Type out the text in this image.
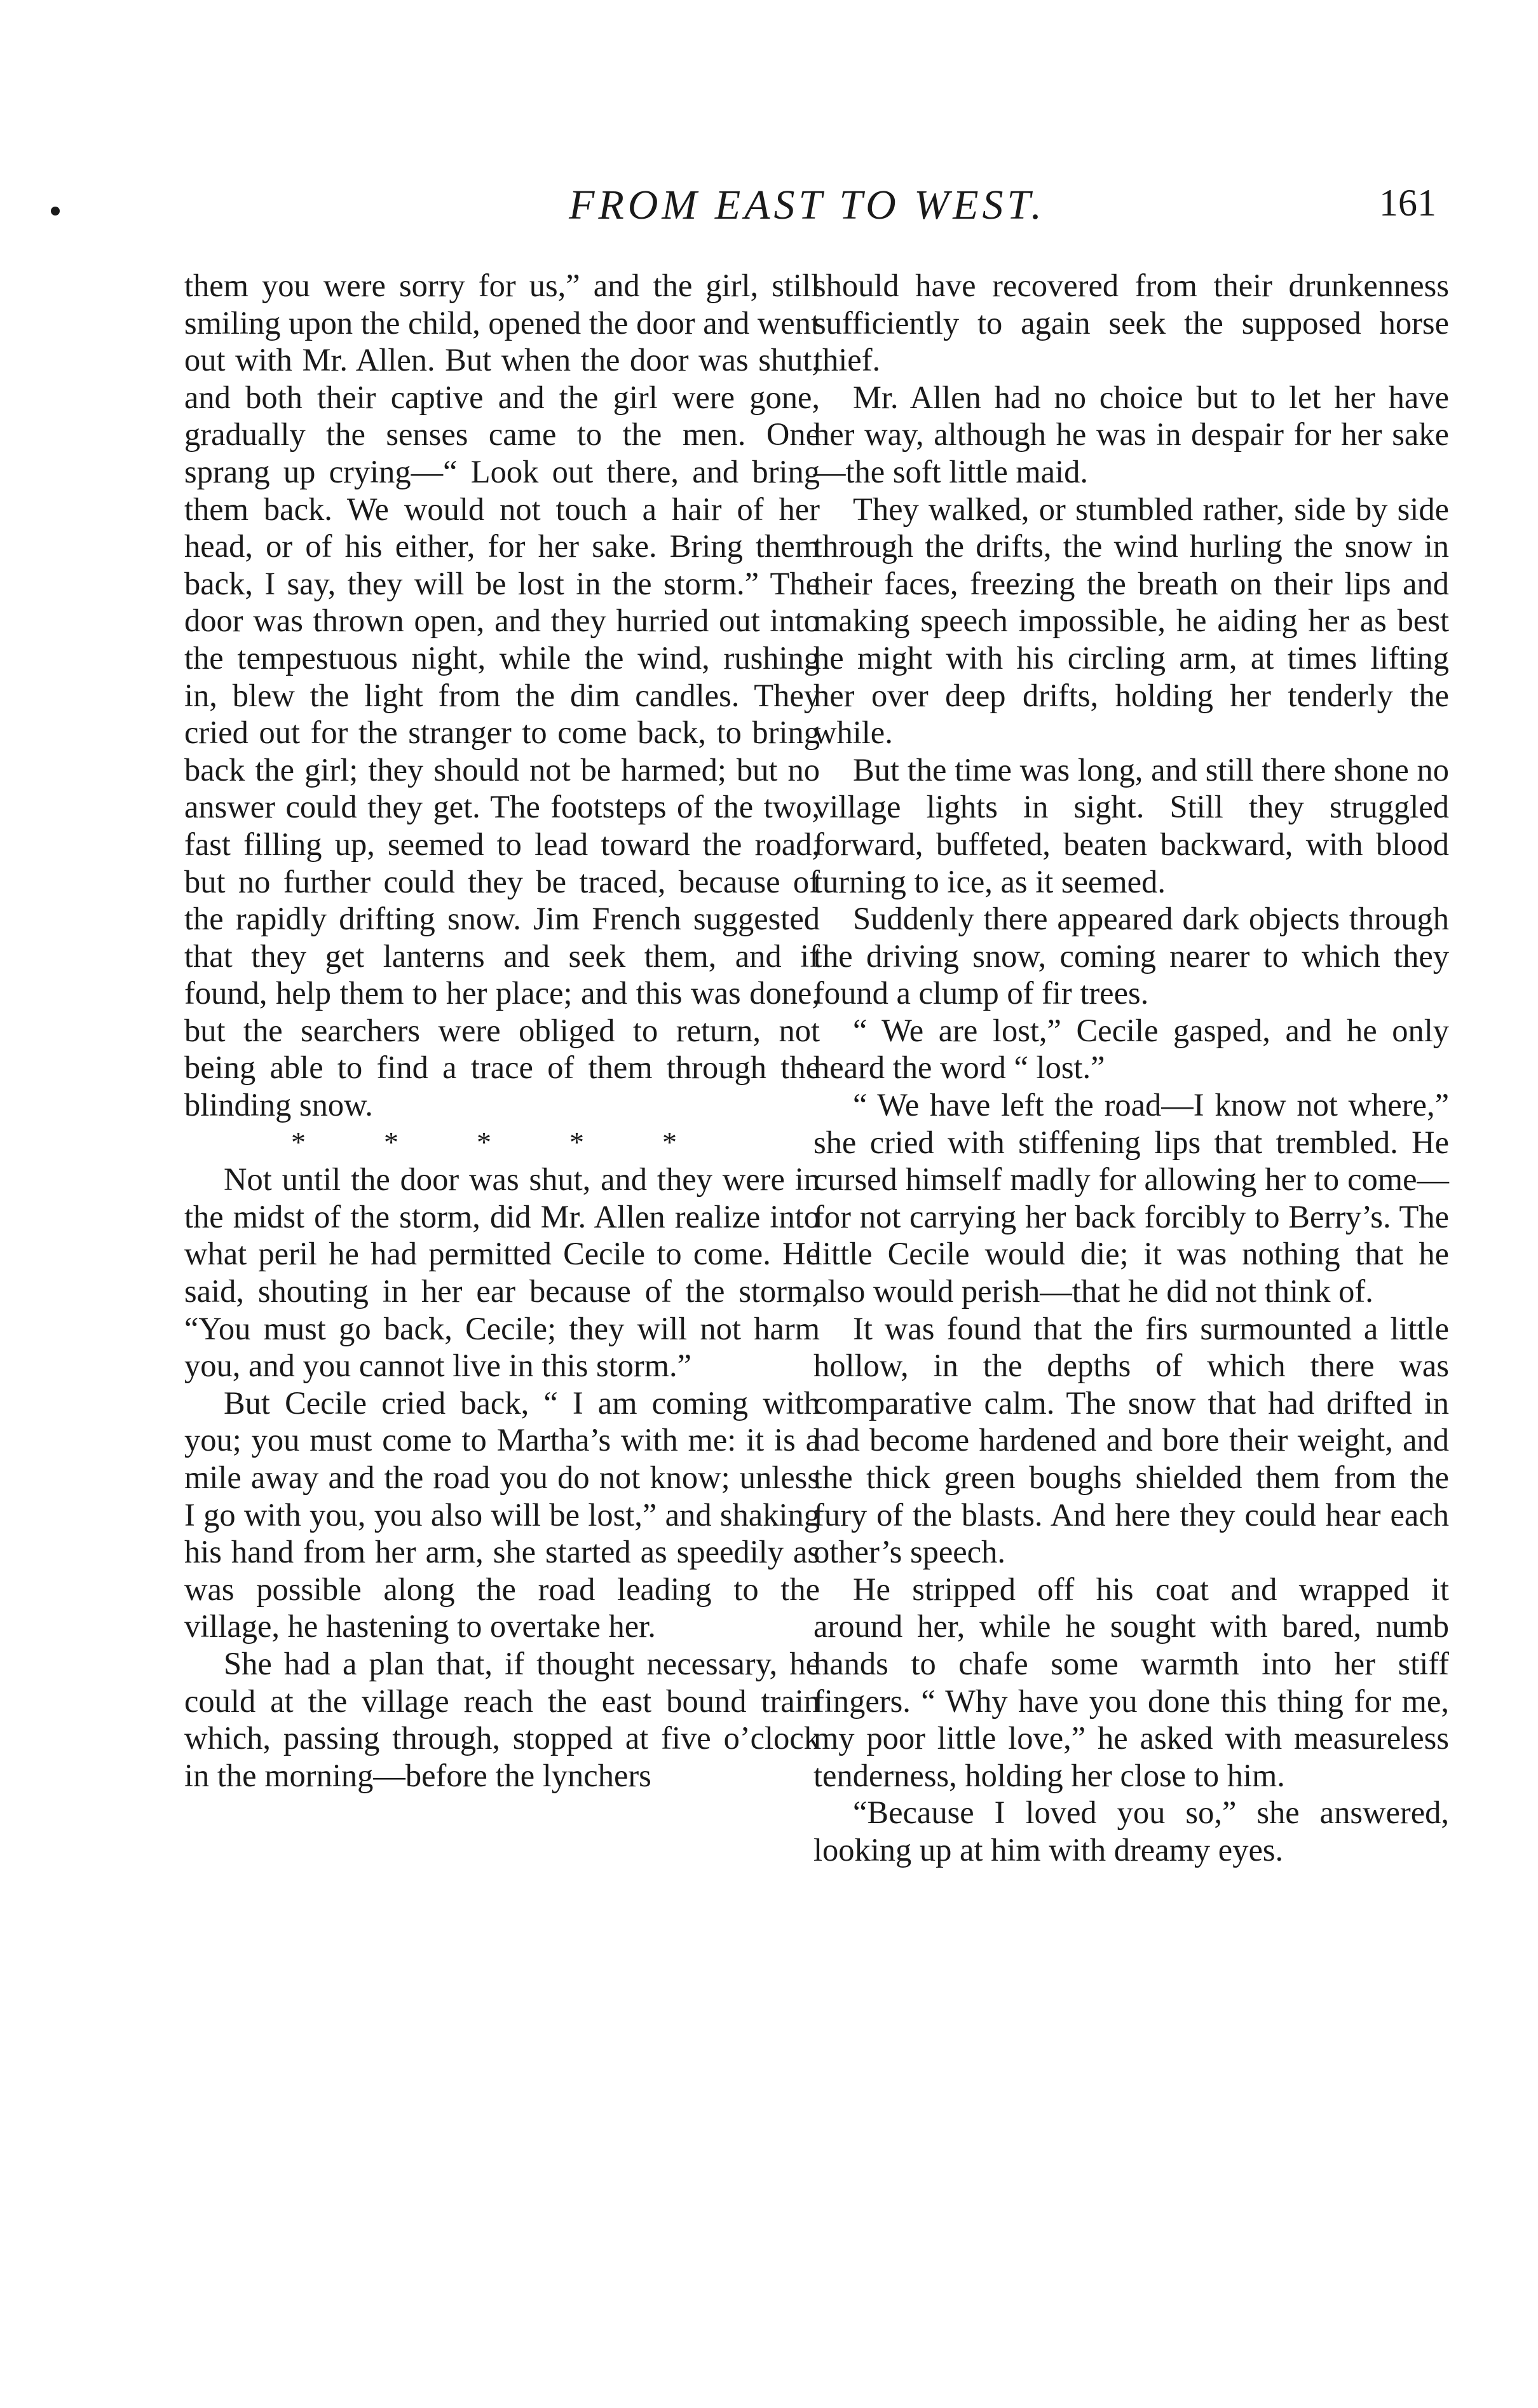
FROM EAST TO WEST.	161

them you were sorry for us,” and the girl, still smiling upon the child, opened the door and went out with Mr. Allen. But when the door was shut, and both their captive and the girl were gone, gradually the senses came to the men. One sprang up crying—“ Look out there, and bring them back. We would not touch a hair of her head, or of his either, for her sake. Bring them back, I say, they will be lost in the storm.” The door was thrown open, and they hurried out into the tempestuous night, while the wind, rushing in, blew the light from the dim candles. They cried out for the stranger to come back, to bring back the girl; they should not be harmed; but no answer could they get. The footsteps of the two, fast filling up, seemed to lead toward the road, but no further could they be traced, because of the rapidly drifting snow. Jim French suggested that they get lanterns and seek them, and if found, help them to her place; and this was done, but the searchers were obliged to return, not being able to find a trace of them through the blinding snow.

*	*	*	*	*

Not until the door was shut, and they were in the midst of the storm, did Mr. Allen realize into what peril he had permitted Cecile to come. He said, shouting in her ear because of the storm, “You must go back, Cecile; they will not harm you, and you cannot live in this storm.”

But Cecile cried back, “ I am coming with you; you must come to Martha’s with me: it is a mile away and the road you do not know; unless I go with you, you also will be lost,” and shaking his hand from her arm, she started as speedily as was possible along the road leading to the village, he hastening to overtake her.

She had a plan that, if thought necessary, he could at the village reach the east bound train which, passing through, stopped at five o’clock in the morning—before the lynchers

should have recovered from their drunkenness sufficiently to again seek the supposed horse thief.

Mr. Allen had no choice but to let her have her way, although he was in despair for her sake—the soft little maid.

They walked, or stumbled rather, side by side through the drifts, the wind hurling the snow in their faces, freezing the breath on their lips and making speech impossible, he aiding her as best he might with his circling arm, at times lifting her over deep drifts, holding her tenderly the while.

But the time was long, and still there shone no village lights in sight. Still they struggled forward, buffeted, beaten backward, with blood turning to ice, as it seemed.

Suddenly there appeared dark objects through the driving snow, coming nearer to which they found a clump of fir trees.

“ We are lost,” Cecile gasped, and he only heard the word “ lost.”

“ We have left the road—I know not where,” she cried with stiffening lips that trembled. He cursed himself madly for allowing her to come—for not carrying her back forcibly to Berry’s. The little Cecile would die; it was nothing that he also would perish—that he did not think of.

It was found that the firs surmounted a little hollow, in the depths of which there was comparative calm. The snow that had drifted in had become hardened and bore their weight, and the thick green boughs shielded them from the fury of the blasts. And here they could hear each other’s speech.

He stripped off his coat and wrapped it around her, while he sought with bared, numb hands to chafe some warmth into her stiff fingers. “ Why have you done this thing for me, my poor little love,” he asked with measureless tenderness, holding her close to him.

“Because I loved you so,” she answered, looking up at him with dreamy eyes.
